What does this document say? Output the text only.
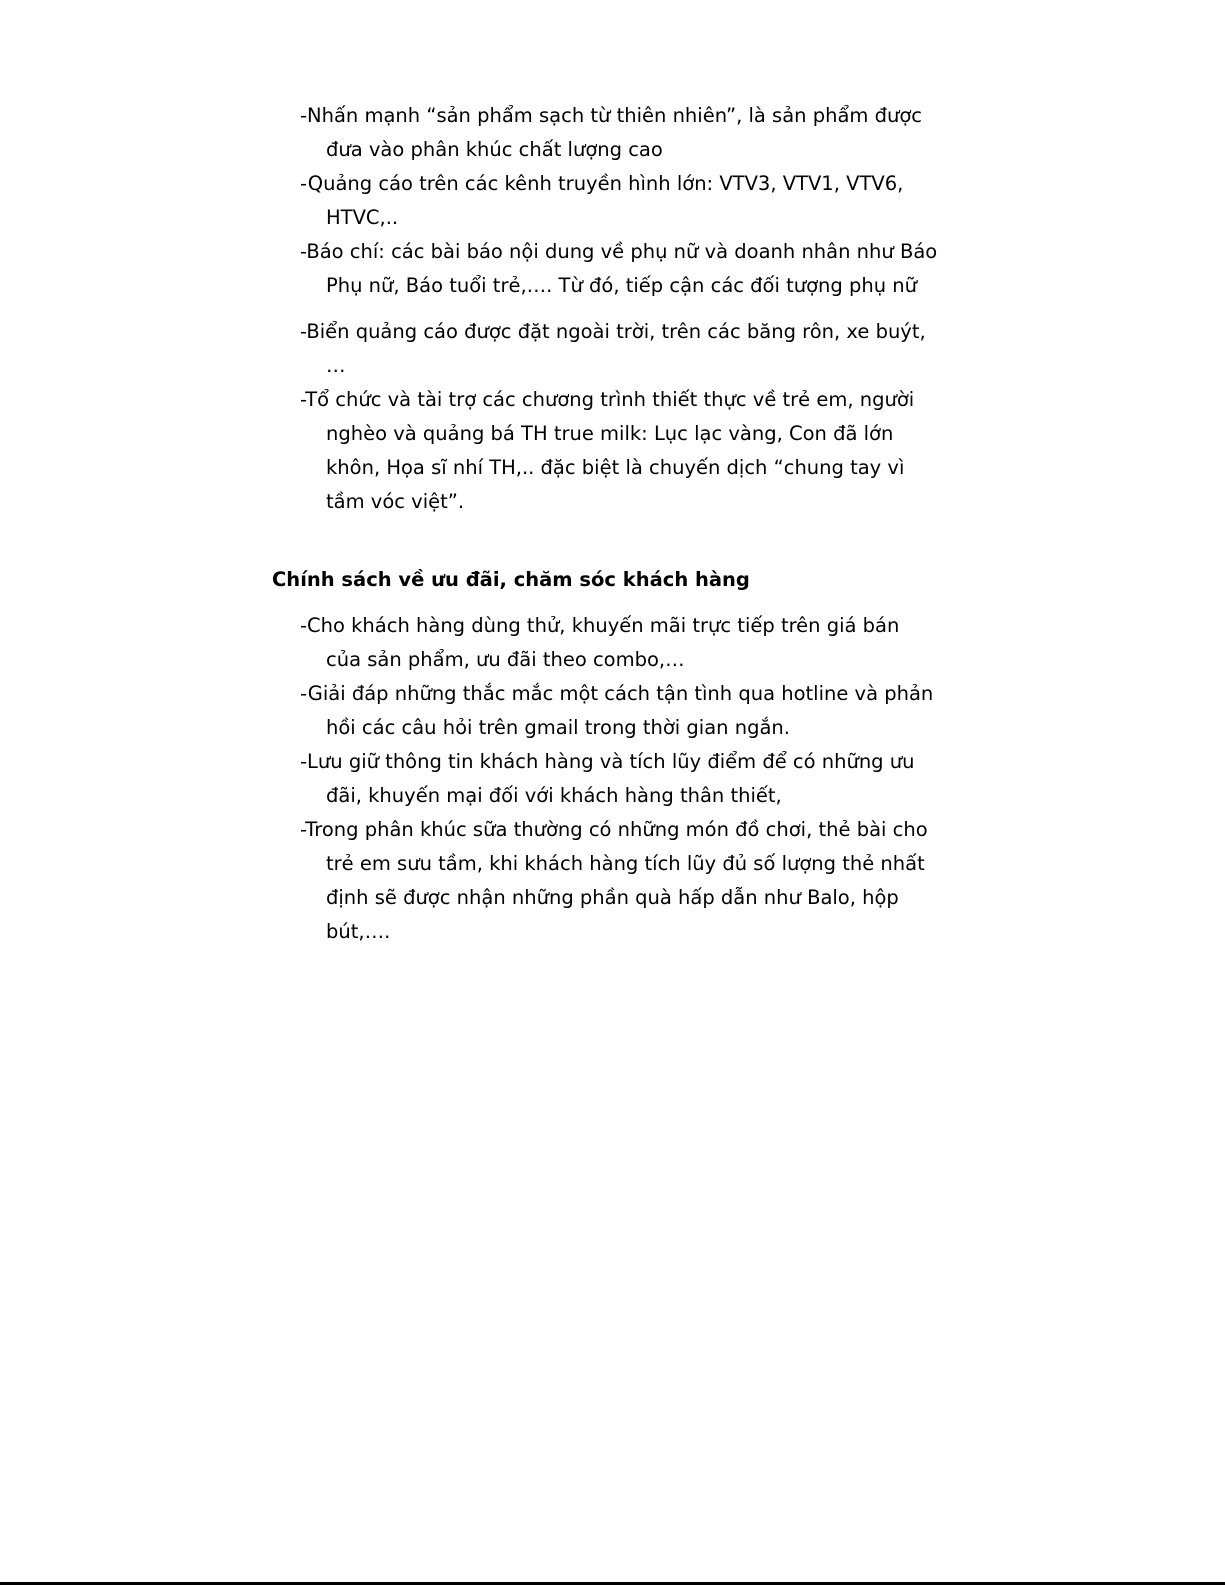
-Nhấn mạnh “sản phẩm sạch từ thiên nhiên”, là sản phẩm được đưa vào phân khúc chất lượng cao

-Quảng cáo trên các kênh truyền hình lớn: VTV3, VTV1, VTV6, HTVC,..

-Báo chí: các bài báo nội dung về phụ nữ và doanh nhân như Báo Phụ nữ, Báo tuổi trẻ,…. Từ đó, tiếp cận các đối tượng phụ nữ

-Biển quảng cáo được đặt ngoài trời, trên các băng rôn, xe buýt, …

-Tổ chức và tài trợ các chương trình thiết thực về trẻ em, người nghèo và quảng bá TH true milk: Lục lạc vàng, Con đã lớn khôn, Họa sĩ nhí TH,.. đặc biệt là chuyến dịch “chung tay vì tầm vóc việt”.

Chính sách về ưu đãi, chăm sóc khách hàng

-Cho khách hàng dùng thử, khuyến mãi trực tiếp trên giá bán của sản phẩm, ưu đãi theo combo,…

-Giải đáp những thắc mắc một cách tận tình qua hotline và phản hồi các câu hỏi trên gmail trong thời gian ngắn.

-Lưu giữ thông tin khách hàng và tích lũy điểm để có những ưu đãi, khuyến mại đối với khách hàng thân thiết,

-Trong phân khúc sữa thường có những món đồ chơi, thẻ bài cho trẻ em sưu tầm, khi khách hàng tích lũy đủ số lượng thẻ nhất định sẽ được nhận những phần quà hấp dẫn như Balo, hộp bút,….
